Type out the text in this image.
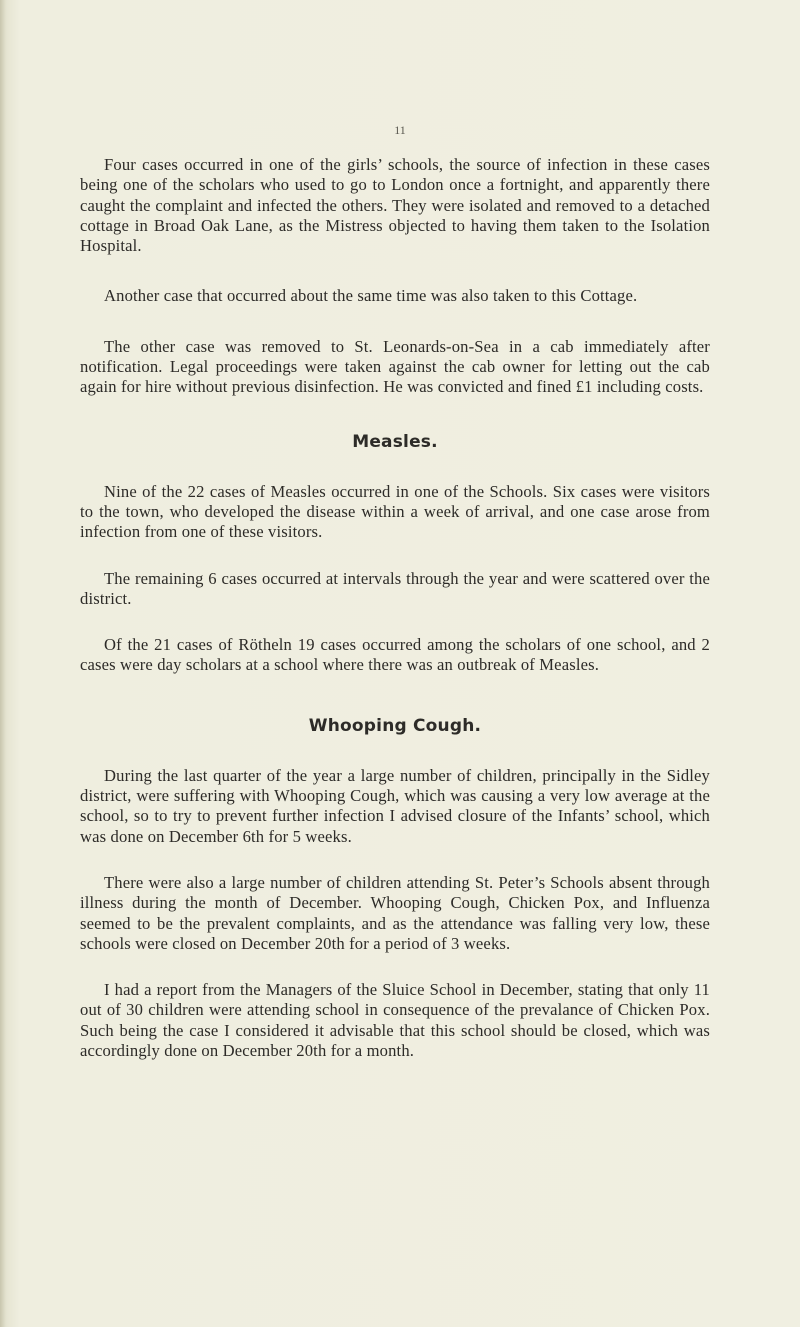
11

Four cases occurred in one of the girls’ schools, the source of infection in these cases being one of the scholars who used to go to London once a fortnight, and apparently there caught the complaint and infected the others. They were isolated and removed to a detached cottage in Broad Oak Lane, as the Mistress objected to having them taken to the Isolation Hospital.

Another case that occurred about the same time was also taken to this Cottage.

The other case was removed to St. Leonards-on-Sea in a cab immediately after notification. Legal proceedings were taken against the cab owner for letting out the cab again for hire without previous disinfection. He was convicted and fined £1 including costs.

Measles.

Nine of the 22 cases of Measles occurred in one of the Schools. Six cases were visitors to the town, who developed the disease within a week of arrival, and one case arose from infection from one of these visitors.

The remaining 6 cases occurred at intervals through the year and were scattered over the district.

Of the 21 cases of Rötheln 19 cases occurred among the scholars of one school, and 2 cases were day scholars at a school where there was an outbreak of Measles.

Whooping Cough.

During the last quarter of the year a large number of children, principally in the Sidley district, were suffering with Whooping Cough, which was causing a very low average at the school, so to try to prevent further infection I advised closure of the Infants’ school, which was done on December 6th for 5 weeks.

There were also a large number of children attending St. Peter’s Schools absent through illness during the month of December. Whooping Cough, Chicken Pox, and Influenza seemed to be the prevalent complaints, and as the attendance was falling very low, these schools were closed on December 20th for a period of 3 weeks.

I had a report from the Managers of the Sluice School in December, stating that only 11 out of 30 children were attending school in consequence of the prevalance of Chicken Pox. Such being the case I considered it advisable that this school should be closed, which was accordingly done on December 20th for a month.
